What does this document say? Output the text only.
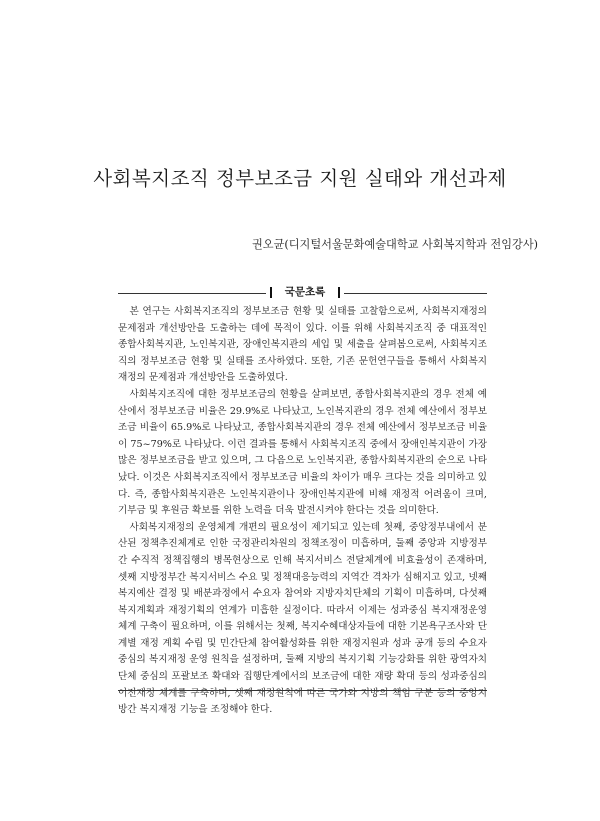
사회복지조직 정부보조금 지원 실태와 개선과제
권오균(디지털서울문화예술대학교 사회복지학과 전임강사)
국문초록

본 연구는 사회복지조직의 정부보조금 현황 및 실태를 고찰함으로써, 사회복지재정의 문제점과 개선방안을 도출하는 데에 목적이 있다. 이를 위해 사회복지조직 중 대표적인 종합사회복지관, 노인복지관, 장애인복지관의 세입 및 세출을 살펴봄으로써, 사회복지조직의 정부보조금 현황 및 실태를 조사하였다. 또한, 기존 문헌연구들을 통해서 사회복지재정의 문제점과 개선방안을 도출하였다.

사회복지조직에 대한 정부보조금의 현황을 살펴보면, 종합사회복지관의 경우 전체 예산에서 정부보조금 비율은 29.9%로 나타났고, 노인복지관의 경우 전체 예산에서 정부보조금 비율이 65.9%로 나타났고, 종합사회복지관의 경우 전체 예산에서 정부보조금 비율이 75~79%로 나타났다. 이런 결과를 통해서 사회복지조직 중에서 장애인복지관이 가장 많은 정부보조금을 받고 있으며, 그 다음으로 노인복지관, 종합사회복지관의 순으로 나타났다. 이것은 사회복지조직에서 정부보조금 비율의 차이가 매우 크다는 것을 의미하고 있다. 즉, 종합사회복지관은 노인복지관이나 장애인복지관에 비해 재정적 어려움이 크며, 기부금 및 후원금 확보를 위한 노력을 더욱 발전시켜야 한다는 것을 의미한다.

사회복지재정의 운영체계 개편의 필요성이 제기되고 있는데 첫째, 중앙정부내에서 분산된 정책추진체계로 인한 국정관리차원의 정책조정이 미흡하며, 둘째 중앙과 지방정부간 수직적 정책집행의 병목현상으로 인해 복지서비스 전달체계에 비효율성이 존재하며, 셋째 지방정부간 복지서비스 수요 및 정책대응능력의 지역간 격차가 심해지고 있고, 넷째 복지예산 결정 및 배분과정에서 수요자 참여와 지방자치단체의 기획이 미흡하며, 다섯째 복지계획과 재정기획의 연계가 미흡한 실정이다. 따라서 이제는 성과중심 복지재정운영체계 구축이 필요하며, 이를 위해서는 첫째, 복지수혜대상자들에 대한 기본욕구조사와 단계별 재정 계획 수립 및 민간단체 참여활성화를 위한 재정지원과 성과 공개 등의 수요자 중심의 복지재정 운영 원칙을 설정하며, 둘째 지방의 복지기획 기능강화를 위한 광역자치단체 중심의 포괄보조 확대와 집행단계에서의 보조금에 대한 재량 확대 등의 성과중심의 이전재정 체계를 구축하며, 셋째 재정원칙에 따른 국가와 지방의 책임 구분 등의 중앙지방간 복지재정 기능을 조정해야 한다.
